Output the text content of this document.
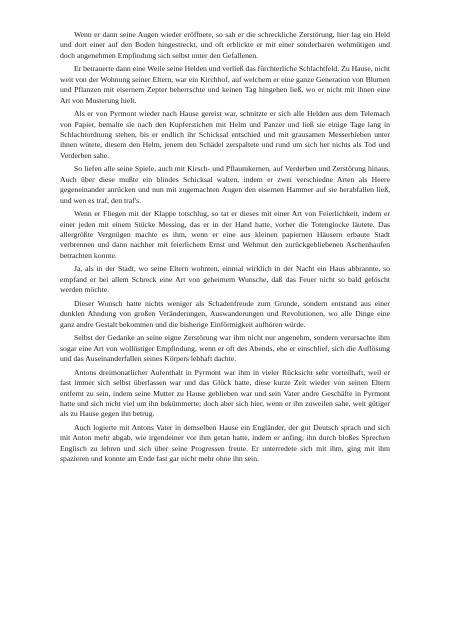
Wenn er dann seine Augen wieder eröffnete, so sah er die schreckliche Zerstörung, hier lag ein Held und dort einer auf den Boden hingestreckt, und oft erblickte er mit einer sonderbaren wehmütigen und doch angenehmen Empfindung sich selbst unter den Gefallenen.

Er betrauerte dann eine Weile seine Helden und verließ das fürchterliche Schlachtfeld. Zu Hause, nicht weit von der Wohnung seiner Eltern, war ein Kirchhof, auf welchem er eine ganze Generation von Blumen und Pflanzen mit eisernem Zepter beherrschte und keinen Tag hingehen ließ, wo er nicht mit ihnen eine Art von Musterung hielt.

Als er von Pyrmont wieder nach Hause gereist war, schnitzte er sich alle Helden aus dem Telemach von Papier, bemalte sie nach den Kupferstichen mit Helm und Panzer und ließ sie einige Tage lang in Schlachtordnung stehen, bis er endlich ihr Schicksal entschied und mit grausamen Messerhieben unter ihnen wütete, diesem den Helm, jenem den Schädel zerspaltete und rund um sich her nichts als Tod und Verderben sahe.

So liefen alle seine Spiele, auch mit Kirsch- und Pflaumkernen, auf Verderben und Zerstörung hinaus. Auch über diese mußte ein blindes Schicksal walten, indem er zwei verschiedne Arten als Heere gegeneinander anrücken und nun mit zugemachten Augen den eisernen Hammer auf sie herabfallen ließ, und wen es traf, den traf's.

Wenn er Fliegen mit der Klappe totschlug, so tat er dieses mit einer Art von Feierlichkeit, indem er einer jeden mit einem Stücke Messing, das er in der Hand hatte, vorher die Totenglocke läutete. Das allergrößte Vergnügen machte es ihm, wenn er eine aus kleinen papiernen Häusern erbaute Stadt verbrennen und dann nachher mit feierlichem Ernst und Wehmut den zurückgebliebenen Aschenhaufen betrachten konnte.

Ja, als in der Stadt, wo seine Eltern wohnten, einmal wirklich in der Nacht ein Haus abbrannte, so empfand er bei allem Schreck eine Art von geheimem Wunsche, daß das Feuer nicht so bald gelöscht werden möchte.

Dieser Wunsch hatte nichts weniger als Schadenfreude zum Grunde, sondern entstand aus einer dunklen Ahndung von großen Veränderungen, Auswanderungen und Revolutionen, wo alle Dinge eine ganz andre Gestalt bekommen und die bisherige Einförmigkeit aufhören würde.

Selbst der Gedanke an seine eigne Zerstörung war ihm nicht nur angenehm, sondern verursachte ihm sogar eine Art von wollüstiger Empfindung, wenn er oft des Abends, ehe er einschlief, sich die Auflösung und das Auseinanderfallen seines Körpers lebhaft dachte.

Antons dreimonatlicher Aufenthalt in Pyrmont war ihm in vieler Rücksicht sehr vorteilhaft, weil er fast immer sich selbst überlassen war und das Glück hatte, diese kurze Zeit wieder von seinen Eltern entfernt zu sein, indem seine Mutter zu Hause geblieben war und sein Vater andre Geschäfte in Pyrmont hatte und sich nicht viel um ihn bekümmerte; doch aber sich hier, wenn er ihn zuweilen sahe, weit gütiger als zu Hause gegen ihn betrug.

Auch logierte mit Antons Vater in demselben Hause ein Engländer, der gut Deutsch sprach und sich mit Anton mehr abgab, wie irgendeiner vor ihm getan hatte, indem er anfing, ihn durch bloßes Sprechen Englisch zu lehren und sich über seine Progressen freute. Er unterredete sich mit ihm, ging mit ihm spazieren und konnte am Ende fast gar nicht mehr ohne ihn sein.
